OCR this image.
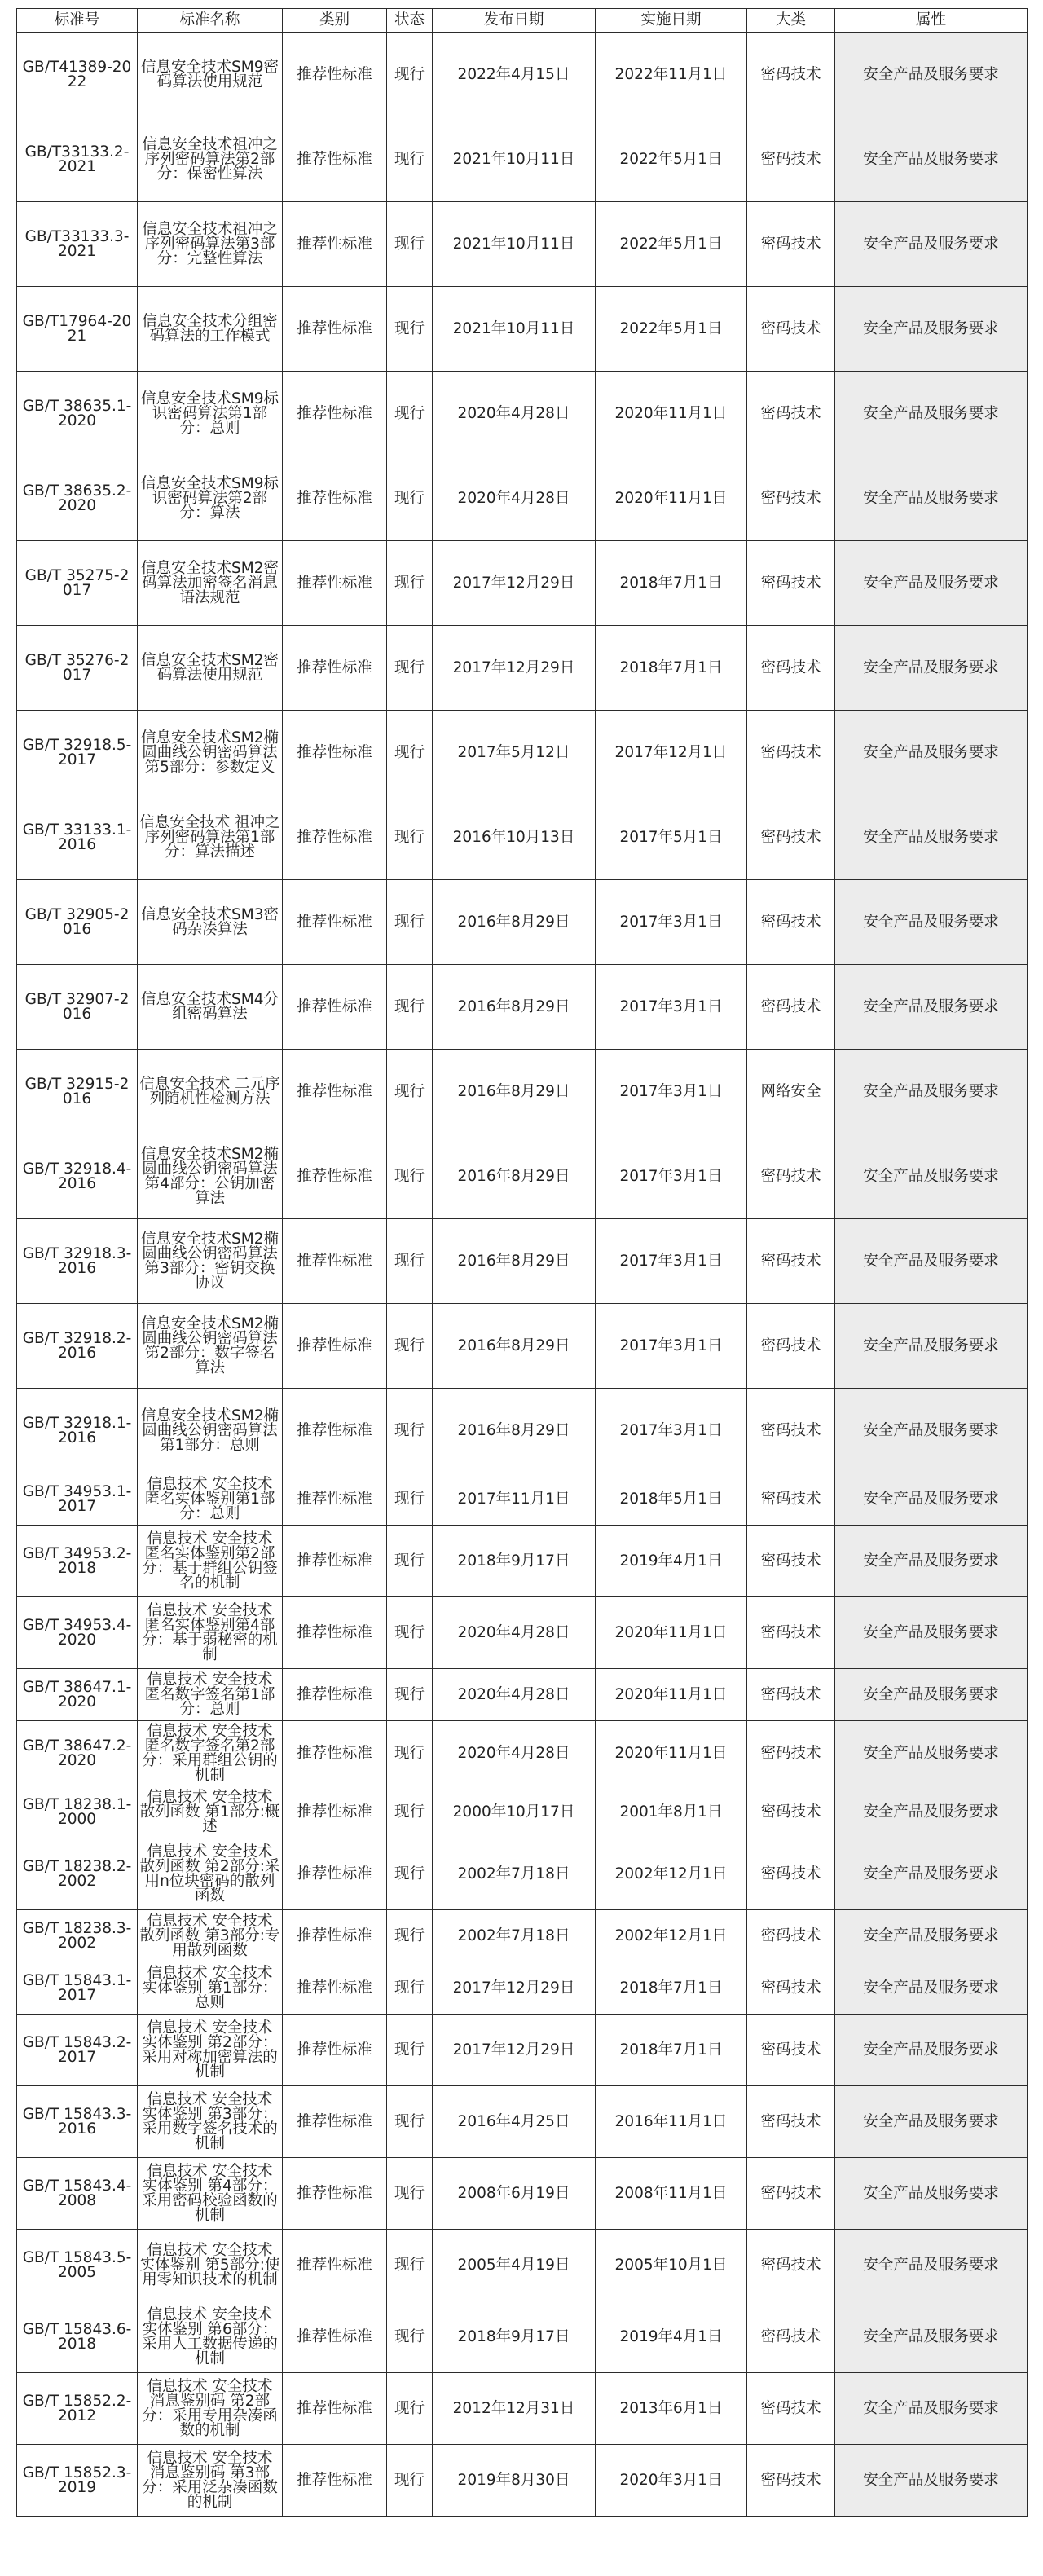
标准号	标准名称	类别	状态	发布日期	实施日期	大类	属性
GB/T41389-2022	信息安全技术SM9密码算法使用规范	推荐性标准	现行	2022年4月15日	2022年11月1日	密码技术	安全产品及服务要求
GB/T33133.2-2021	信息安全技术祖冲之序列密码算法第2部分：保密性算法	推荐性标准	现行	2021年10月11日	2022年5月1日	密码技术	安全产品及服务要求
GB/T33133.3-2021	信息安全技术祖冲之序列密码算法第3部分：完整性算法	推荐性标准	现行	2021年10月11日	2022年5月1日	密码技术	安全产品及服务要求
GB/T17964-2021	信息安全技术分组密码算法的工作模式	推荐性标准	现行	2021年10月11日	2022年5月1日	密码技术	安全产品及服务要求
GB/T 38635.1-2020	信息安全技术SM9标识密码算法第1部分：总则	推荐性标准	现行	2020年4月28日	2020年11月1日	密码技术	安全产品及服务要求
GB/T 38635.2-2020	信息安全技术SM9标识密码算法第2部分：算法	推荐性标准	现行	2020年4月28日	2020年11月1日	密码技术	安全产品及服务要求
GB/T 35275-2017	信息安全技术SM2密码算法加密签名消息语法规范	推荐性标准	现行	2017年12月29日	2018年7月1日	密码技术	安全产品及服务要求
GB/T 35276-2017	信息安全技术SM2密码算法使用规范	推荐性标准	现行	2017年12月29日	2018年7月1日	密码技术	安全产品及服务要求
GB/T 32918.5-2017	信息安全技术SM2椭圆曲线公钥密码算法 第5部分：参数定义	推荐性标准	现行	2017年5月12日	2017年12月1日	密码技术	安全产品及服务要求
GB/T 33133.1-2016	信息安全技术 祖冲之序列密码算法第1部分：算法描述	推荐性标准	现行	2016年10月13日	2017年5月1日	密码技术	安全产品及服务要求
GB/T 32905-2016	信息安全技术SM3密码杂凑算法	推荐性标准	现行	2016年8月29日	2017年3月1日	密码技术	安全产品及服务要求
GB/T 32907-2016	信息安全技术SM4分组密码算法	推荐性标准	现行	2016年8月29日	2017年3月1日	密码技术	安全产品及服务要求
GB/T 32915-2016	信息安全技术 二元序列随机性检测方法	推荐性标准	现行	2016年8月29日	2017年3月1日	网络安全	安全产品及服务要求
GB/T 32918.4-2016	信息安全技术SM2椭圆曲线公钥密码算法 第4部分：公钥加密算法	推荐性标准	现行	2016年8月29日	2017年3月1日	密码技术	安全产品及服务要求
GB/T 32918.3-2016	信息安全技术SM2椭圆曲线公钥密码算法 第3部分：密钥交换协议	推荐性标准	现行	2016年8月29日	2017年3月1日	密码技术	安全产品及服务要求
GB/T 32918.2-2016	信息安全技术SM2椭圆曲线公钥密码算法 第2部分：数字签名算法	推荐性标准	现行	2016年8月29日	2017年3月1日	密码技术	安全产品及服务要求
GB/T 32918.1-2016	信息安全技术SM2椭圆曲线公钥密码算法 第1部分：总则	推荐性标准	现行	2016年8月29日	2017年3月1日	密码技术	安全产品及服务要求
GB/T 34953.1-2017	信息技术 安全技术 匿名实体鉴别第1部分：总则	推荐性标准	现行	2017年11月1日	2018年5月1日	密码技术	安全产品及服务要求
GB/T 34953.2-2018	信息技术 安全技术 匿名实体鉴别第2部分：基于群组公钥签名的机制	推荐性标准	现行	2018年9月17日	2019年4月1日	密码技术	安全产品及服务要求
GB/T 34953.4-2020	信息技术 安全技术 匿名实体鉴别第4部分：基于弱秘密的机制	推荐性标准	现行	2020年4月28日	2020年11月1日	密码技术	安全产品及服务要求
GB/T 38647.1-2020	信息技术 安全技术 匿名数字签名第1部分：总则	推荐性标准	现行	2020年4月28日	2020年11月1日	密码技术	安全产品及服务要求
GB/T 38647.2-2020	信息技术 安全技术 匿名数字签名第2部分：采用群组公钥的机制	推荐性标准	现行	2020年4月28日	2020年11月1日	密码技术	安全产品及服务要求
GB/T 18238.1-2000	信息技术 安全技术 散列函数 第1部分:概述	推荐性标准	现行	2000年10月17日	2001年8月1日	密码技术	安全产品及服务要求
GB/T 18238.2-2002	信息技术 安全技术 散列函数 第2部分:采用n位块密码的散列函数	推荐性标准	现行	2002年7月18日	2002年12月1日	密码技术	安全产品及服务要求
GB/T 18238.3-2002	信息技术 安全技术 散列函数 第3部分:专用散列函数	推荐性标准	现行	2002年7月18日	2002年12月1日	密码技术	安全产品及服务要求
GB/T 15843.1-2017	信息技术 安全技术 实体鉴别 第1部分：总则	推荐性标准	现行	2017年12月29日	2018年7月1日	密码技术	安全产品及服务要求
GB/T 15843.2-2017	信息技术 安全技术 实体鉴别 第2部分：采用对称加密算法的机制	推荐性标准	现行	2017年12月29日	2018年7月1日	密码技术	安全产品及服务要求
GB/T 15843.3-2016	信息技术 安全技术 实体鉴别 第3部分：采用数字签名技术的机制	推荐性标准	现行	2016年4月25日	2016年11月1日	密码技术	安全产品及服务要求
GB/T 15843.4-2008	信息技术 安全技术 实体鉴别 第4部分：采用密码校验函数的机制	推荐性标准	现行	2008年6月19日	2008年11月1日	密码技术	安全产品及服务要求
GB/T 15843.5-2005	信息技术 安全技术 实体鉴别 第5部分:使用零知识技术的机制	推荐性标准	现行	2005年4月19日	2005年10月1日	密码技术	安全产品及服务要求
GB/T 15843.6-2018	信息技术 安全技术 实体鉴别 第6部分：采用人工数据传递的机制	推荐性标准	现行	2018年9月17日	2019年4月1日	密码技术	安全产品及服务要求
GB/T 15852.2-2012	信息技术 安全技术 消息鉴别码 第2部分：采用专用杂凑函数的机制	推荐性标准	现行	2012年12月31日	2013年6月1日	密码技术	安全产品及服务要求
GB/T 15852.3-2019	信息技术 安全技术 消息鉴别码 第3部分：采用泛杂凑函数的机制	推荐性标准	现行	2019年8月30日	2020年3月1日	密码技术	安全产品及服务要求
